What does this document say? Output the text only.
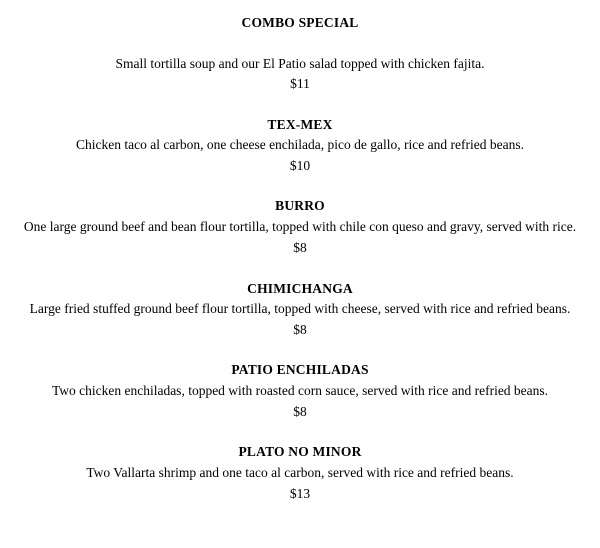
COMBO SPECIAL
Small tortilla soup and our El Patio salad topped with chicken fajita.
$11
TEX-MEX
Chicken taco al carbon, one cheese enchilada, pico de gallo, rice and refried beans.
$10
BURRO
One large ground beef and bean flour tortilla, topped with chile con queso and gravy, served with rice.
$8
CHIMICHANGA
Large fried stuffed ground beef flour tortilla, topped with cheese, served with rice and refried beans.
$8
PATIO ENCHILADAS
Two chicken enchiladas, topped with roasted corn sauce, served with rice and refried beans.
$8
PLATO NO MINOR
Two Vallarta shrimp and one taco al carbon, served with rice and refried beans.
$13
